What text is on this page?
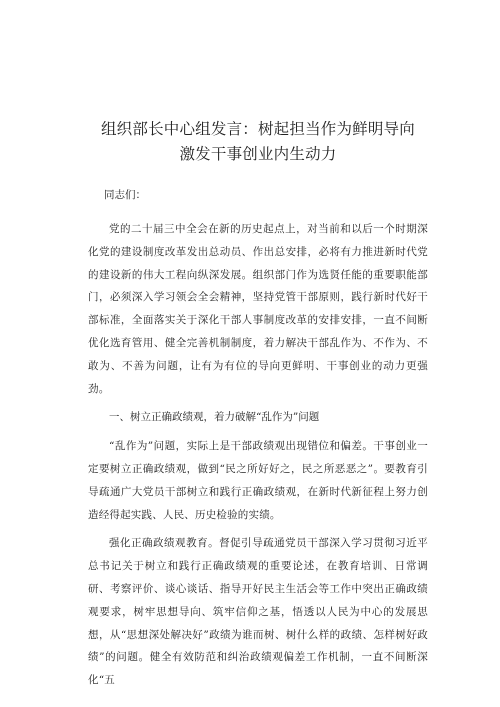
组织部长中心组发言：树起担当作为鲜明导向
激发干事创业内生动力
同志们：
党的二十届三中全会在新的历史起点上，对当前和以后一个时期深化党的建设制度改革发出总动员、作出总安排，必将有力推进新时代党的建设新的伟大工程向纵深发展。组织部门作为选贤任能的重要职能部门，必须深入学习领会全会精神，坚持党管干部原则，践行新时代好干部标准，全面落实关于深化干部人事制度改革的安排安排，一直不间断优化选育管用、健全完善机制制度，着力解决干部乱作为、不作为、不敢为、不善为问题，让有为有位的导向更鲜明、干事创业的动力更强劲。
一、树立正确政绩观，着力破解“乱作为”问题
“乱作为”问题，实际上是干部政绩观出现错位和偏差。干事创业一定要树立正确政绩观，做到“民之所好好之，民之所恶恶之”。要教育引导疏通广大党员干部树立和践行正确政绩观，在新时代新征程上努力创造经得起实践、人民、历史检验的实绩。
强化正确政绩观教育。督促引导疏通党员干部深入学习贯彻习近平总书记关于树立和践行正确政绩观的重要论述，在教育培训、日常调研、考察评价、谈心谈话、指导开好民主生活会等工作中突出正确政绩观要求，树牢思想导向、筑牢信仰之基，悟透以人民为中心的发展思想，从“思想深处解决好”政绩为谁而树、树什么样的政绩、怎样树好政绩”的问题。健全有效防范和纠治政绩观偏差工作机制，一直不间断深化“五
